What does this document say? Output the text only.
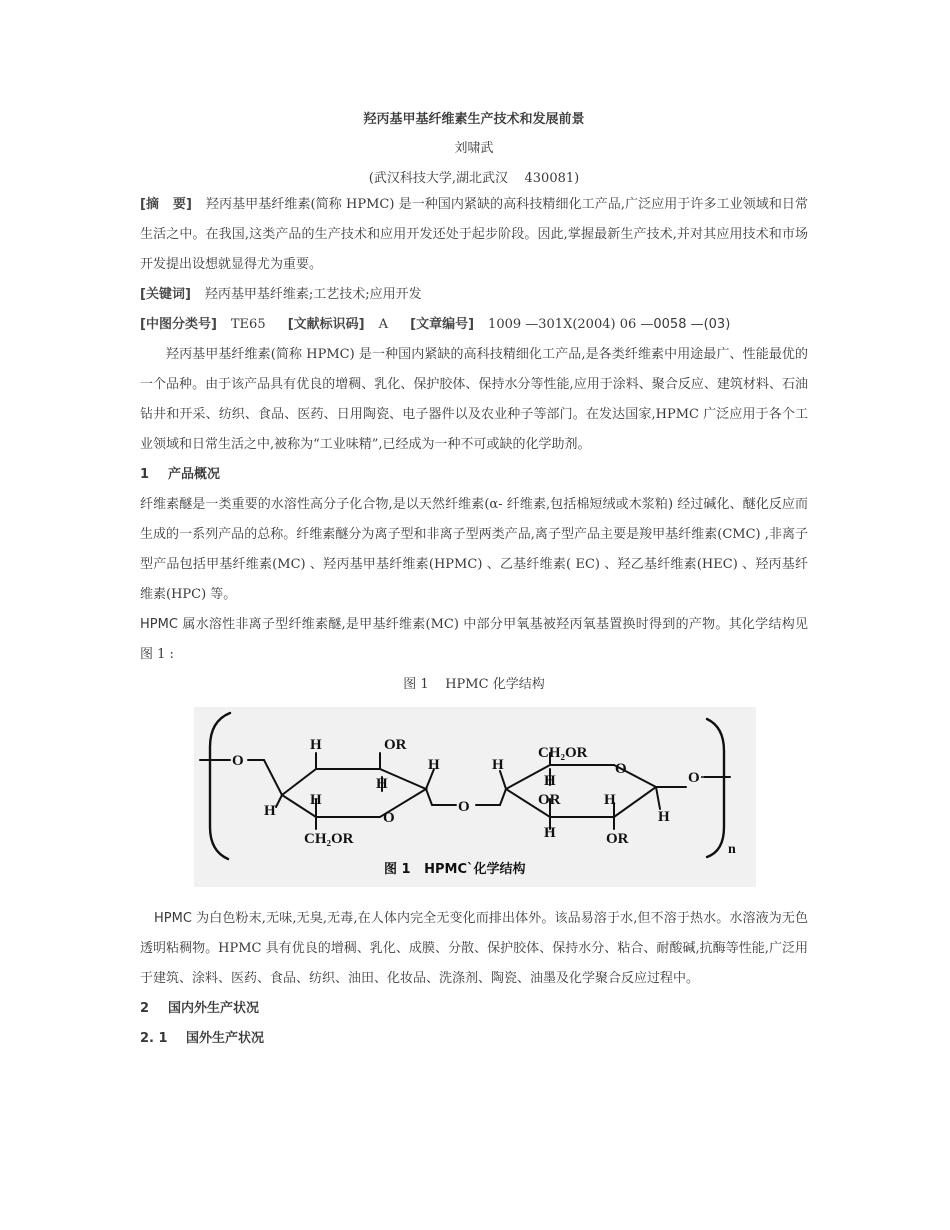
羟丙基甲基纤维素生产技术和发展前景
刘啸武
(武汉科技大学,湖北武汉    430081)

[摘   要] 羟丙基甲基纤维素(简称 HPMC) 是一种国内紧缺的高科技精细化工产品,广泛应用于许多工业领域和日常生活之中。在我国,这类产品的生产技术和应用开发还处于起步阶段。因此,掌握最新生产技术,并对其应用技术和市场开发提出设想就显得尤为重要。

[关键词] 羟丙基甲基纤维素;工艺技术;应用开发

[中图分类号] TE65 [文献标识码] A [文章编号] 1009 —301X(2004) 06 —0058 —(03)

羟丙基甲基纤维素(简称 HPMC) 是一种国内紧缺的高科技精细化工产品,是各类纤维素中用途最广、性能最优的一个品种。由于该产品具有优良的增稠、乳化、保护胶体、保持水分等性能,应用于涂料、聚合反应、建筑材料、石油钻井和开采、纺织、食品、医药、日用陶瓷、电子器件以及农业种子等部门。在发达国家,HPMC 广泛应用于各个工业领域和日常生活之中,被称为“工业味精”,已经成为一种不可或缺的化学助剂。

1 产品概况

纤维素醚是一类重要的水溶性高分子化合物,是以天然纤维素(α- 纤维素,包括棉短绒或木浆粕) 经过碱化、醚化反应而生成的一系列产品的总称。纤维素醚分为离子型和非离子型两类产品,离子型产品主要是羧甲基纤维素(CMC) ,非离子型产品包括甲基纤维素(MC) 、羟丙基甲基纤维素(HPMC) 、乙基纤维素( EC) 、羟乙基纤维素(HEC) 、羟丙基纤维素(HPC) 等。

HPMC 属水溶性非离子型纤维素醚,是甲基纤维素(MC) 中部分甲氧基被羟丙氧基置换时得到的产物。其化学结构见图 1 :

图 1    HPMC 化学结构
O
H	OR
H
H
H
H	O
CH₂OR
O
H
CH₂OR
O
H
OR	H
H	OR
H
O
n
图 1   HPMC`化学结构

HPMC 为白色粉末,无味,无臭,无毒,在人体内完全无变化而排出体外。该品易溶于水,但不溶于热水。水溶液为无色透明粘稠物。HPMC 具有优良的增稠、乳化、成膜、分散、保护胶体、保持水分、粘合、耐酸碱,抗酶等性能,广泛用于建筑、涂料、医药、食品、纺织、油田、化妆品、洗涤剂、陶瓷、油墨及化学聚合反应过程中。

2 国内外生产状况
2. 1 国外生产状况
